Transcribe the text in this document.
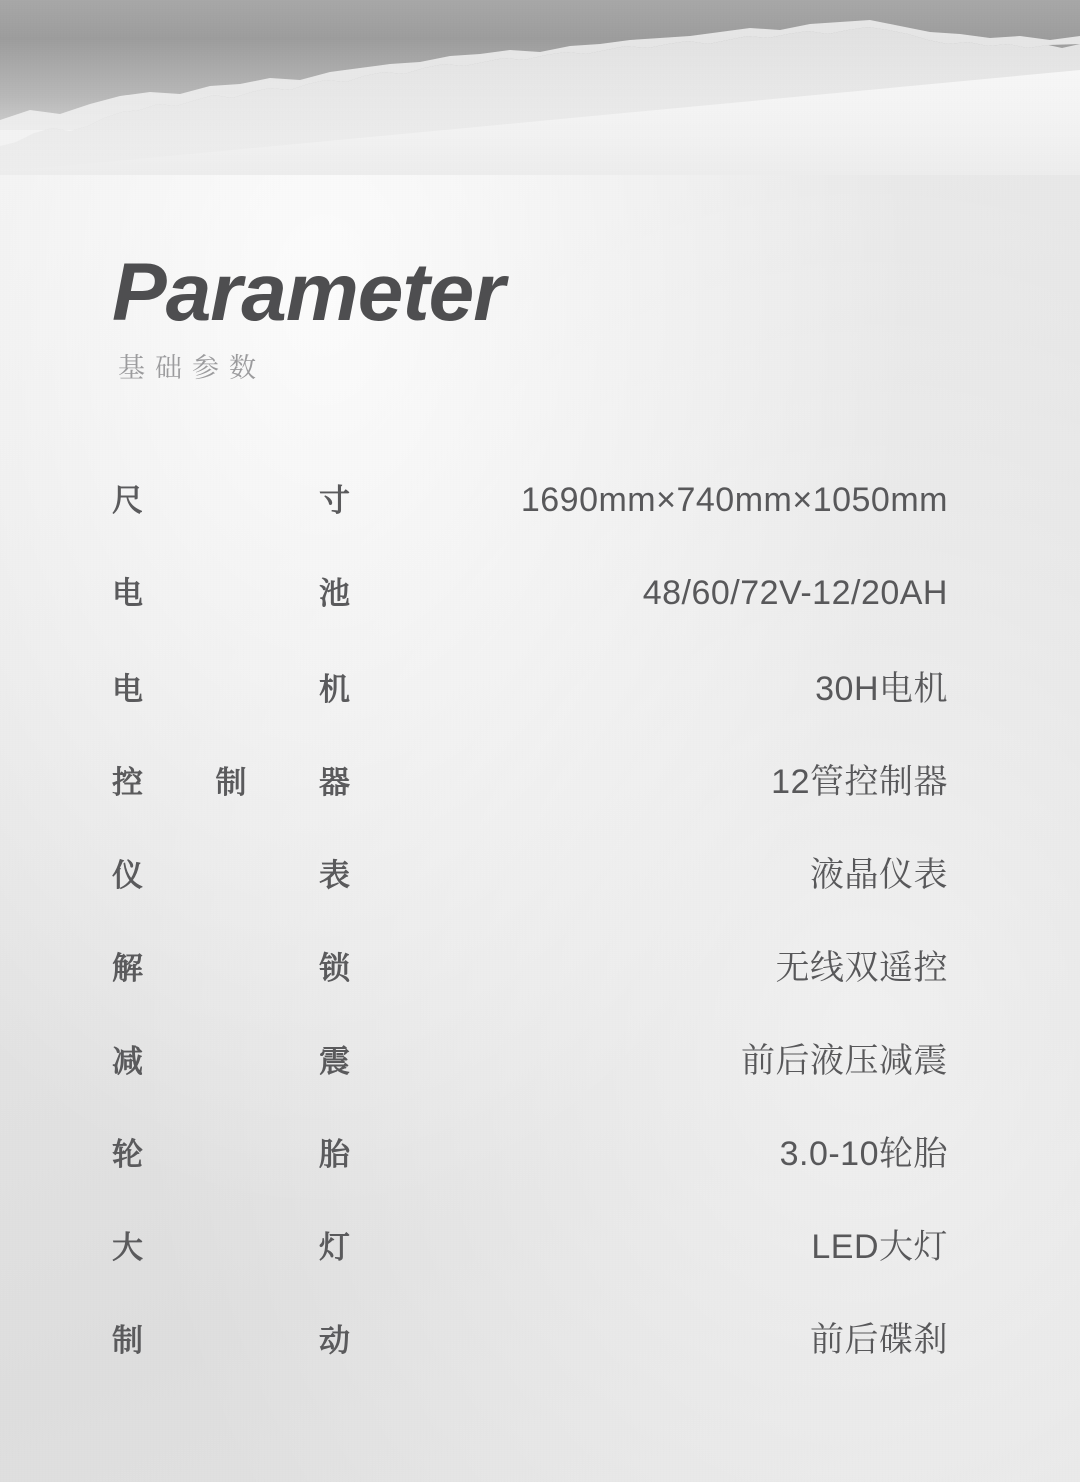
Parameter
基础参数
尺	寸	1690mm×740mm×1050mm
电	池	48/60/72V-12/20AH
电	机	30H电机
控 制 器	12管控制器
仪	表	液晶仪表
解	锁	无线双遥控
减	震	前后液压减震
轮	胎	3.0-10轮胎
大	灯	LED大灯
制	动	前后碟刹
